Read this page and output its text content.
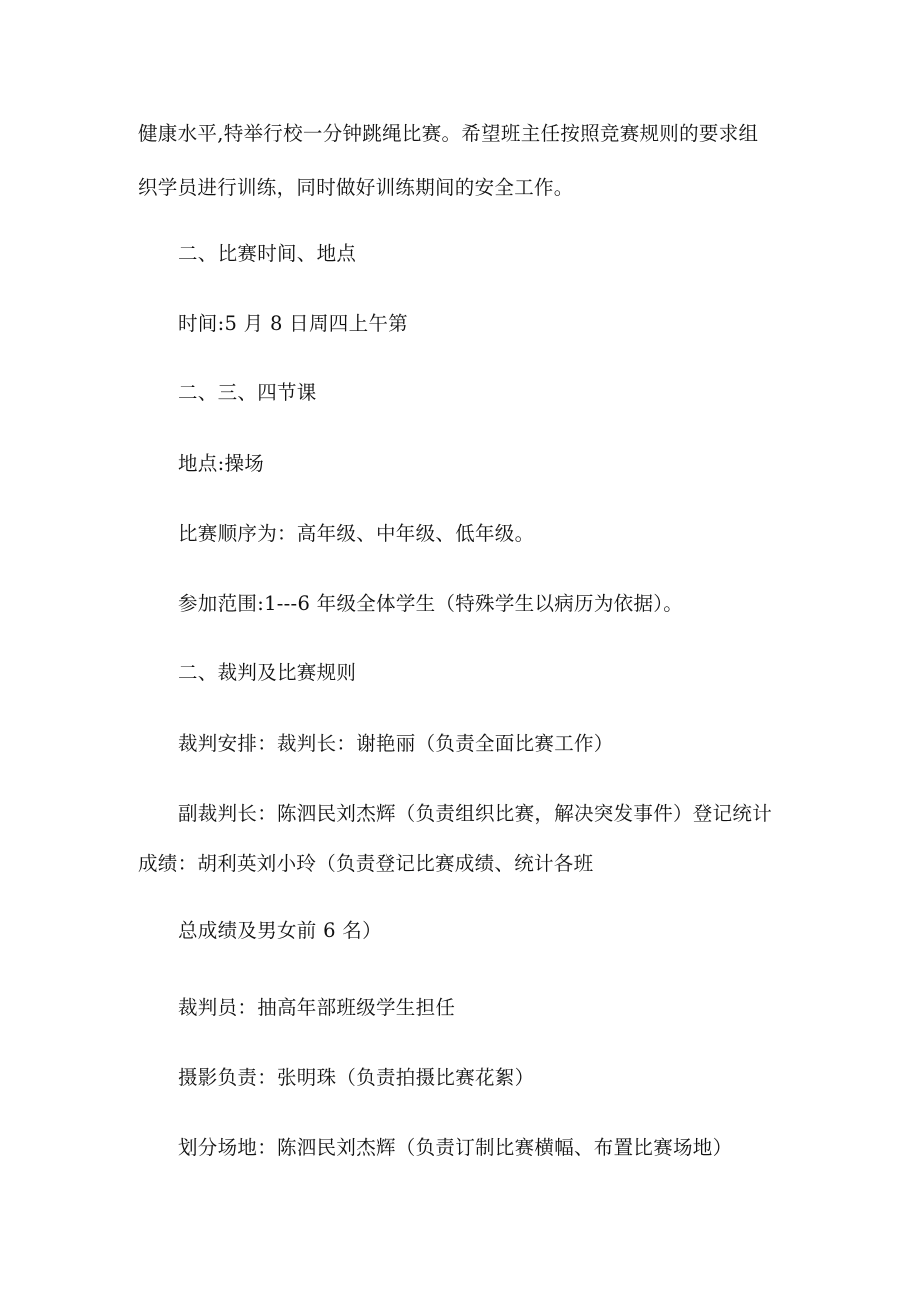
健康水平,特举行校一分钟跳绳比赛。希望班主任按照竞赛规则的要求组
织学员进行训练，同时做好训练期间的安全工作。
二、比赛时间、地点
时间:5 月 8 日周四上午第
二、三、四节课
地点:操场
比赛顺序为：高年级、中年级、低年级。
参加范围:1---6 年级全体学生（特殊学生以病历为依据）。
二、裁判及比赛规则
裁判安排：裁判长：谢艳丽（负责全面比赛工作）
副裁判长：陈泗民刘杰辉（负责组织比赛，解决突发事件）登记统计
成绩：胡利英刘小玲（负责登记比赛成绩、统计各班
总成绩及男女前 6 名）
裁判员：抽高年部班级学生担任
摄影负责：张明珠（负责拍摄比赛花絮）
划分场地：陈泗民刘杰辉（负责订制比赛横幅、布置比赛场地）
